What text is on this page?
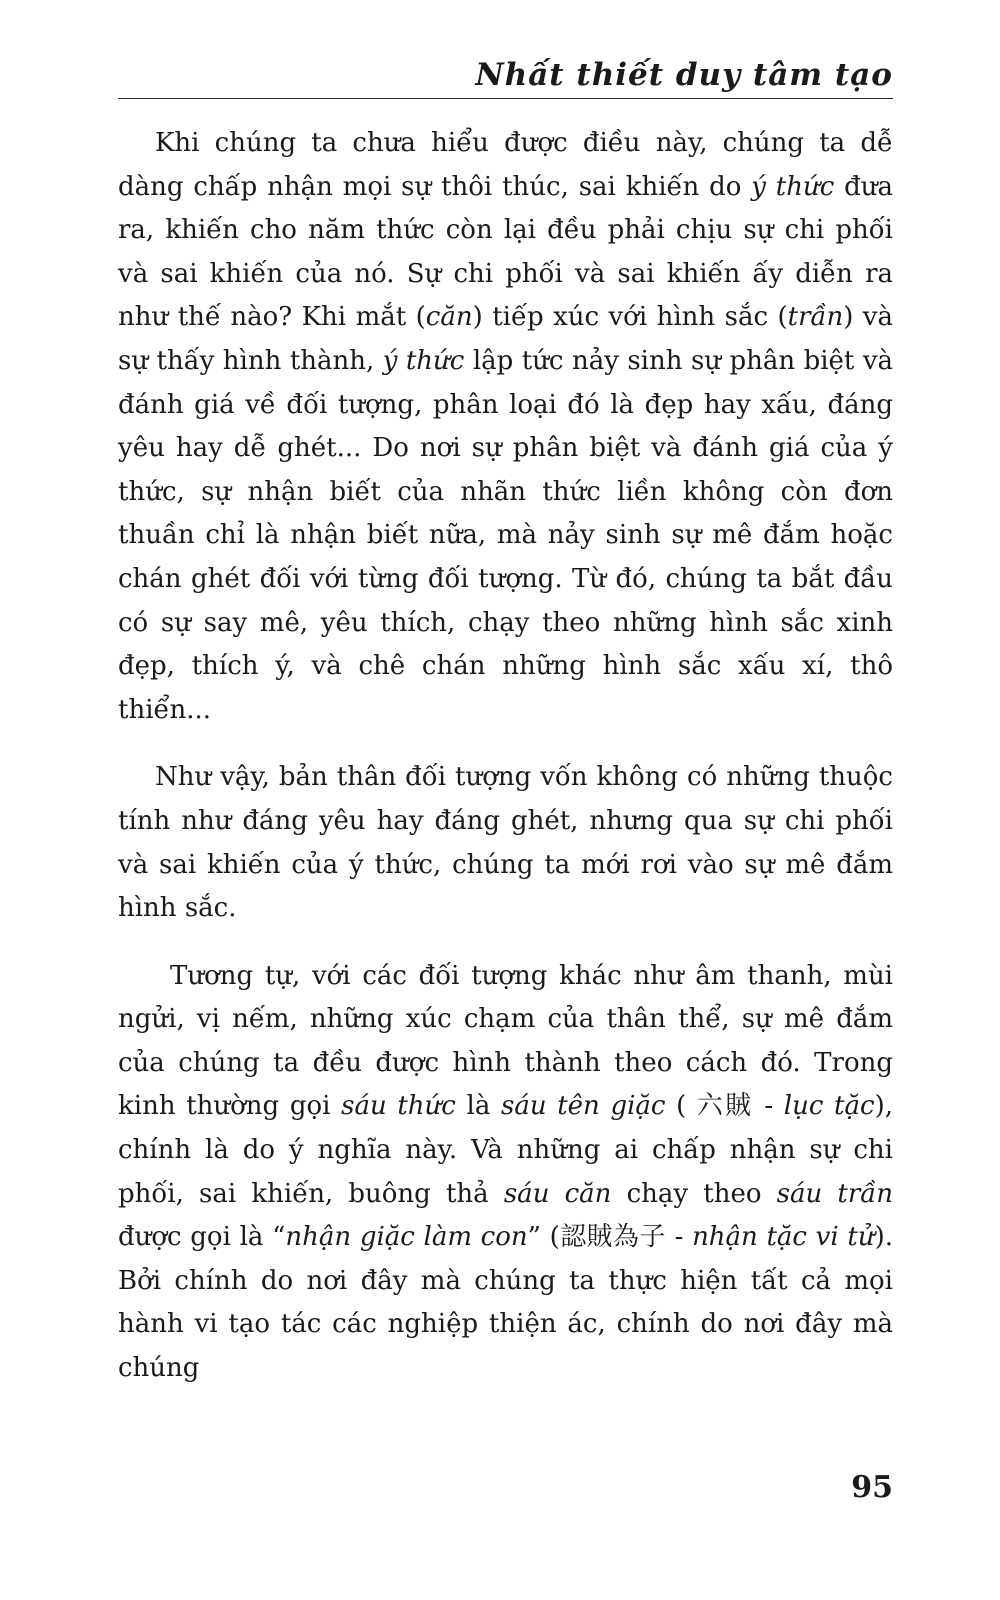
Nhất thiết duy tâm tạo

Khi chúng ta chưa hiểu được điều này, chúng ta dễ dàng chấp nhận mọi sự thôi thúc, sai khiến do ý thức đưa ra, khiến cho năm thức còn lại đều phải chịu sự chi phối và sai khiến của nó. Sự chi phối và sai khiến ấy diễn ra như thế nào? Khi mắt (căn) tiếp xúc với hình sắc (trần) và sự thấy hình thành, ý thức lập tức nảy sinh sự phân biệt và đánh giá về đối tượng, phân loại đó là đẹp hay xấu, đáng yêu hay dễ ghét... Do nơi sự phân biệt và đánh giá của ý thức, sự nhận biết của nhãn thức liền không còn đơn thuần chỉ là nhận biết nữa, mà nảy sinh sự mê đắm hoặc chán ghét đối với từng đối tượng. Từ đó, chúng ta bắt đầu có sự say mê, yêu thích, chạy theo những hình sắc xinh đẹp, thích ý, và chê chán những hình sắc xấu xí, thô thiển...

Như vậy, bản thân đối tượng vốn không có những thuộc tính như đáng yêu hay đáng ghét, nhưng qua sự chi phối và sai khiến của ý thức, chúng ta mới rơi vào sự mê đắm hình sắc.

Tương tự, với các đối tượng khác như âm thanh, mùi ngửi, vị nếm, những xúc chạm của thân thể, sự mê đắm của chúng ta đều được hình thành theo cách đó. Trong kinh thường gọi sáu thức là sáu tên giặc ( 六賊 - lục tặc), chính là do ý nghĩa này. Và những ai chấp nhận sự chi phối, sai khiến, buông thả sáu căn chạy theo sáu trần được gọi là “nhận giặc làm con” (認賊為子 - nhận tặc vi tử). Bởi chính do nơi đây mà chúng ta thực hiện tất cả mọi hành vi tạo tác các nghiệp thiện ác, chính do nơi đây mà chúng

95
